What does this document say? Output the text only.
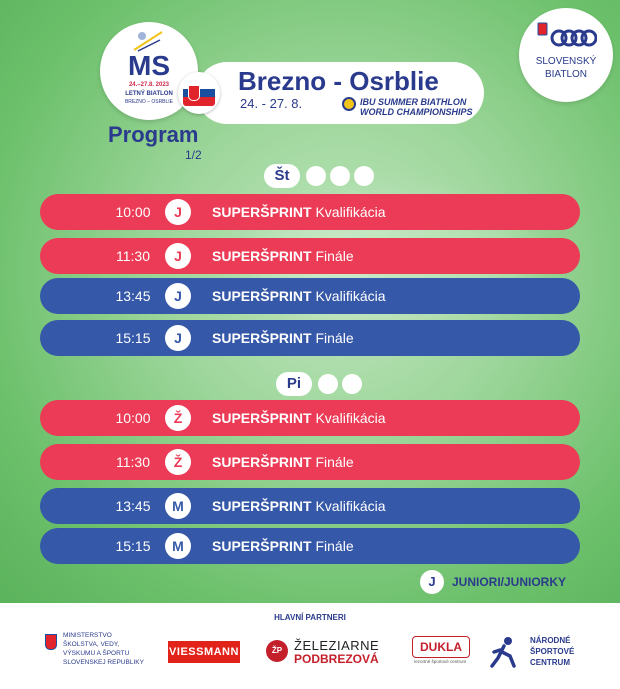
MS
24.–27.8. 2023
LETNÝ BIATLON
BREZNO – OSRBLIE
Brezno - Osrblie
24. - 27. 8.	IBU SUMMER BIATHLON
WORLD CHAMPIONSHIPS
Program
1/2
SLOVENSKÝ
BIATLON
Št
10:00	J	SUPERŠPRINT Kvalifikácia
11:30	J	SUPERŠPRINT Finále
13:45	J	SUPERŠPRINT Kvalifikácia
15:15	J	SUPERŠPRINT Finále
Pi
10:00	Ž	SUPERŠPRINT Kvalifikácia
11:30	Ž	SUPERŠPRINT Finále
13:45	M	SUPERŠPRINT Kvalifikácia
15:15	M	SUPERŠPRINT Finále
J	JUNIORI/JUNIORKY
HLAVNÍ PARTNERI
MINISTERSTVO
ŠKOLSTVA, VEDY,
VÝSKUMU A ŠPORTU
SLOVENSKEJ REPUBLIKY
VIESSMANN	ŽP ŽELEZIARNE
PODBREZOVÁ
DUKLA
rezortné športové centrum
NÁRODNÉ
ŠPORTOVÉ
CENTRUM
